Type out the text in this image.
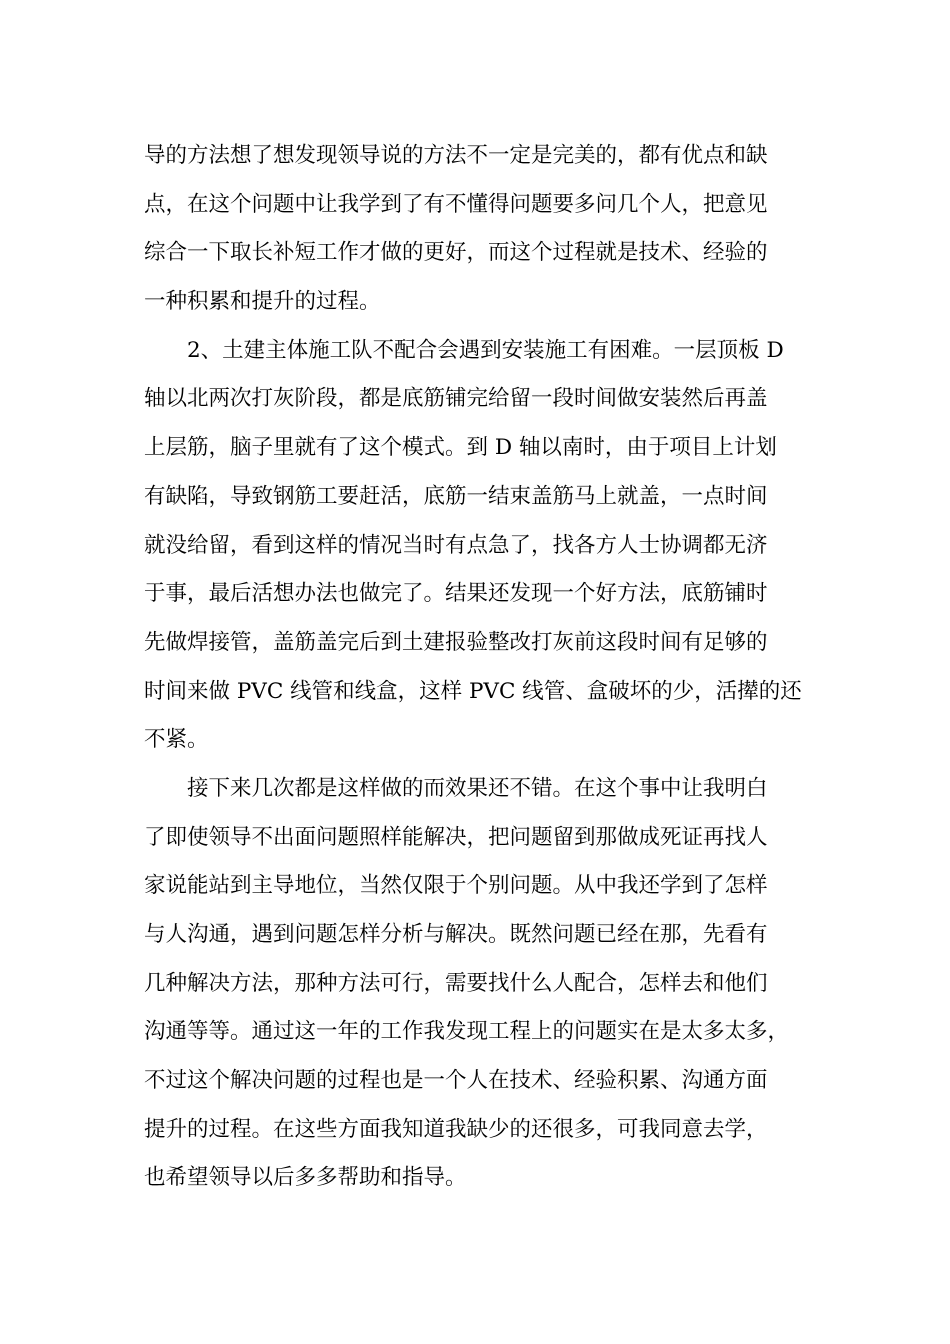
导的方法想了想发现领导说的方法不一定是完美的，都有优点和缺
点，在这个问题中让我学到了有不懂得问题要多问几个人，把意见
综合一下取长补短工作才做的更好，而这个过程就是技术、经验的
一种积累和提升的过程。
2、土建主体施工队不配合会遇到安装施工有困难。一层顶板 D
轴以北两次打灰阶段，都是底筋铺完给留一段时间做安装然后再盖
上层筋，脑子里就有了这个模式。到 D 轴以南时，由于项目上计划
有缺陷，导致钢筋工要赶活，底筋一结束盖筋马上就盖，一点时间
就没给留，看到这样的情况当时有点急了，找各方人士协调都无济
于事，最后活想办法也做完了。结果还发现一个好方法，底筋铺时
先做焊接管，盖筋盖完后到土建报验整改打灰前这段时间有足够的
时间来做 PVC 线管和线盒，这样 PVC 线管、盒破坏的少，活撵的还
不紧。
接下来几次都是这样做的而效果还不错。在这个事中让我明白
了即使领导不出面问题照样能解决，把问题留到那做成死证再找人
家说能站到主导地位，当然仅限于个别问题。从中我还学到了怎样
与人沟通，遇到问题怎样分析与解决。既然问题已经在那，先看有
几种解决方法，那种方法可行，需要找什么人配合，怎样去和他们
沟通等等。通过这一年的工作我发现工程上的问题实在是太多太多，
不过这个解决问题的过程也是一个人在技术、经验积累、沟通方面
提升的过程。在这些方面我知道我缺少的还很多，可我同意去学，
也希望领导以后多多帮助和指导。
